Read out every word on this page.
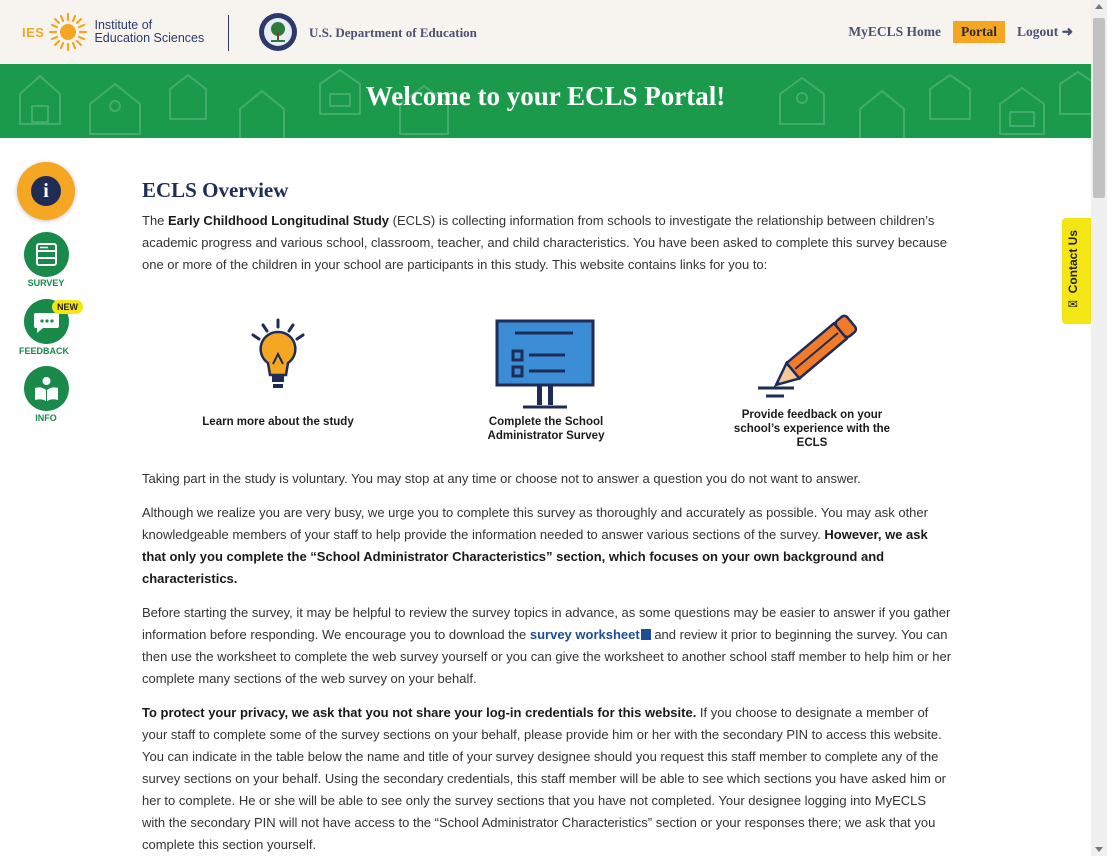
IES	Institute of
Education Sciences	U.S. Department of Education	MyECLS Home	Portal	Logout ➜
Welcome to your ECLS Portal!
✉ Contact Us
i
SURVEY
NEW
FEEDBACK
INFO
ECLS Overview

The Early Childhood Longitudinal Study (ECLS) is collecting information from schools to investigate the relationship between children’s academic progress and various school, classroom, teacher, and child characteristics. You have been asked to complete this survey because one or more of the children in your school are participants in this study. This website contains links for you to:

Learn more about the study	Complete the School Administrator Survey
Provide feedback on your school’s experience with the ECLS

Taking part in the study is voluntary. You may stop at any time or choose not to answer a question you do not want to answer.

Although we realize you are very busy, we urge you to complete this survey as thoroughly and accurately as possible. You may ask other knowledgeable members of your staff to help provide the information needed to answer various sections of the survey. However, we ask that only you complete the “School Administrator Characteristics” section, which focuses on your own background and characteristics.

Before starting the survey, it may be helpful to review the survey topics in advance, as some questions may be easier to answer if you gather information before responding. We encourage you to download the survey worksheet and review it prior to beginning the survey. You can then use the worksheet to complete the web survey yourself or you can give the worksheet to another school staff member to help him or her complete many sections of the web survey on your behalf.

To protect your privacy, we ask that you not share your log-in credentials for this website. If you choose to designate a member of your staff to complete some of the survey sections on your behalf, please provide him or her with the secondary PIN to access this website. You can indicate in the table below the name and title of your survey designee should you request this staff member to complete any of the survey sections on your behalf. Using the secondary credentials, this staff member will be able to see which sections you have asked him or her to complete. He or she will be able to see only the survey sections that you have not completed. Your designee logging into MyECLS with the secondary PIN will not have access to the “School Administrator Characteristics” section or your responses there; we ask that you complete this section yourself.
